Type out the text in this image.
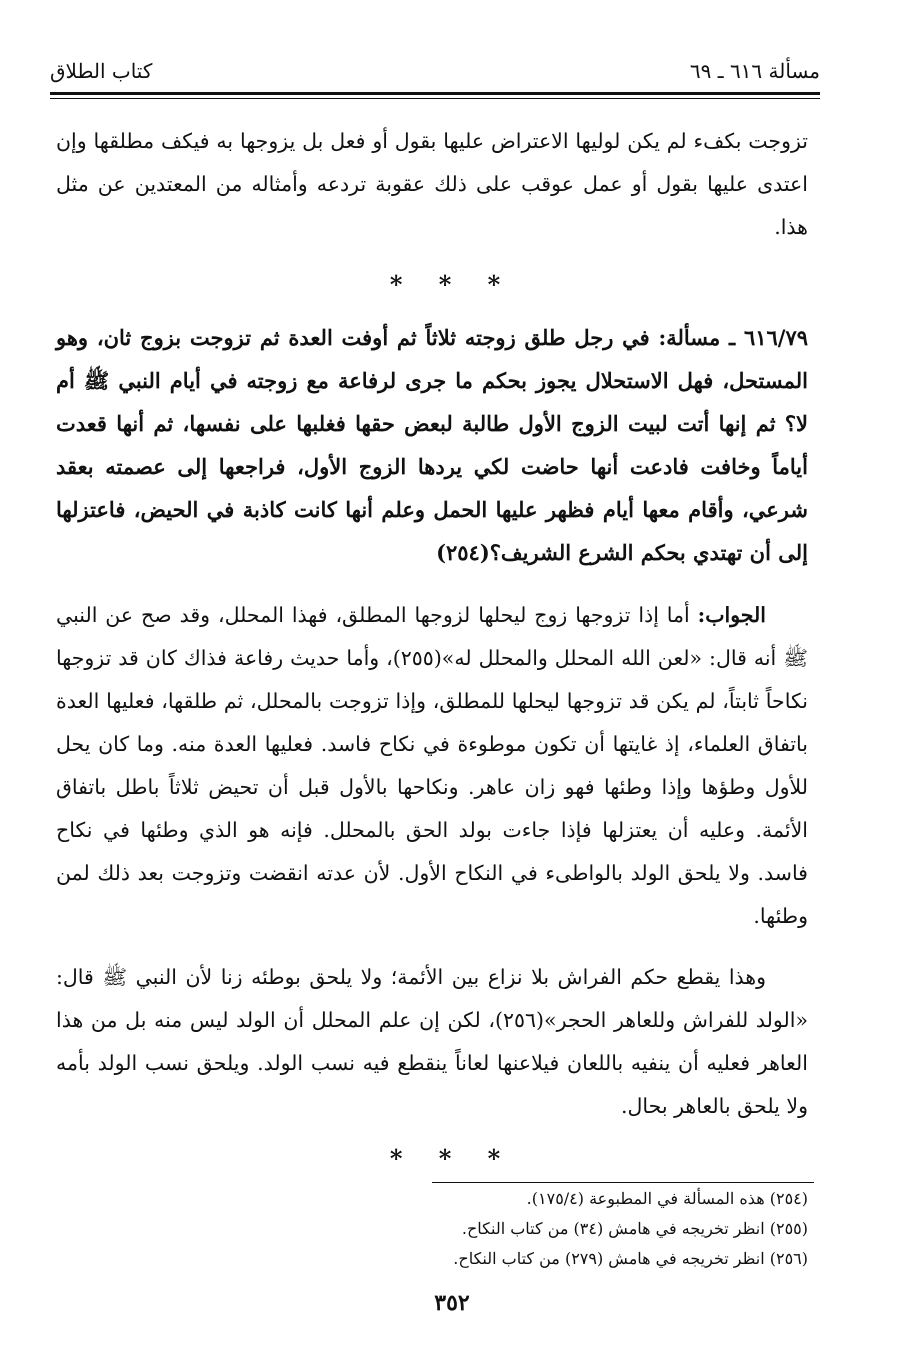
مسألة ٦١٦ ـ ٦٩
كتاب الطلاق

تزوجت بكفء لم يكن لوليها الاعتراض عليها بقول أو فعل بل يزوجها به فيكف مطلقها وإن اعتدى عليها بقول أو عمل عوقب على ذلك عقوبة تردعه وأمثاله من المعتدين عن مثل هذا.

* * *

٦١٦/٧٩ ـ مسألة: في رجل طلق زوجته ثلاثاً ثم أوفت العدة ثم تزوجت بزوج ثان، وهو المستحل، فهل الاستحلال يجوز بحكم ما جرى لرفاعة مع زوجته في أيام النبي ﷺ أم لا؟ ثم إنها أتت لبيت الزوج الأول طالبة لبعض حقها فغلبها على نفسها، ثم أنها قعدت أياماً وخافت فادعت أنها حاضت لكي يردها الزوج الأول، فراجعها إلى عصمته بعقد شرعي، وأقام معها أيام فظهر عليها الحمل وعلم أنها كانت كاذبة في الحيض، فاعتزلها إلى أن تهتدي بحكم الشرع الشريف؟(٢٥٤)

الجواب: أما إذا تزوجها زوج ليحلها لزوجها المطلق، فهذا المحلل، وقد صح عن النبي ﷺ أنه قال: «لعن الله المحلل والمحلل له»(٢٥٥)، وأما حديث رفاعة فذاك كان قد تزوجها نكاحاً ثابتاً، لم يكن قد تزوجها ليحلها للمطلق، وإذا تزوجت بالمحلل، ثم طلقها، فعليها العدة باتفاق العلماء، إذ غايتها أن تكون موطوءة في نكاح فاسد. فعليها العدة منه. وما كان يحل للأول وطؤها وإذا وطئها فهو زان عاهر. ونكاحها بالأول قبل أن تحيض ثلاثاً باطل باتفاق الأئمة. وعليه أن يعتزلها فإذا جاءت بولد الحق بالمحلل. فإنه هو الذي وطئها في نكاح فاسد. ولا يلحق الولد بالواطىء في النكاح الأول. لأن عدته انقضت وتزوجت بعد ذلك لمن وطئها.

وهذا يقطع حكم الفراش بلا نزاع بين الأئمة؛ ولا يلحق بوطئه زنا لأن النبي ﷺ قال: «الولد للفراش وللعاهر الحجر»(٢٥٦)، لكن إن علم المحلل أن الولد ليس منه بل من هذا العاهر فعليه أن ينفيه باللعان فيلاعنها لعاناً ينقطع فيه نسب الولد. ويلحق نسب الولد بأمه ولا يلحق بالعاهر بحال.

* * *
(٢٥٤) هذه المسألة في المطبوعة (١٧٥/٤).
(٢٥٥) انظر تخريجه في هامش (٣٤) من كتاب النكاح.
(٢٥٦) انظر تخريجه في هامش (٢٧٩) من كتاب النكاح.
٣٥٢
